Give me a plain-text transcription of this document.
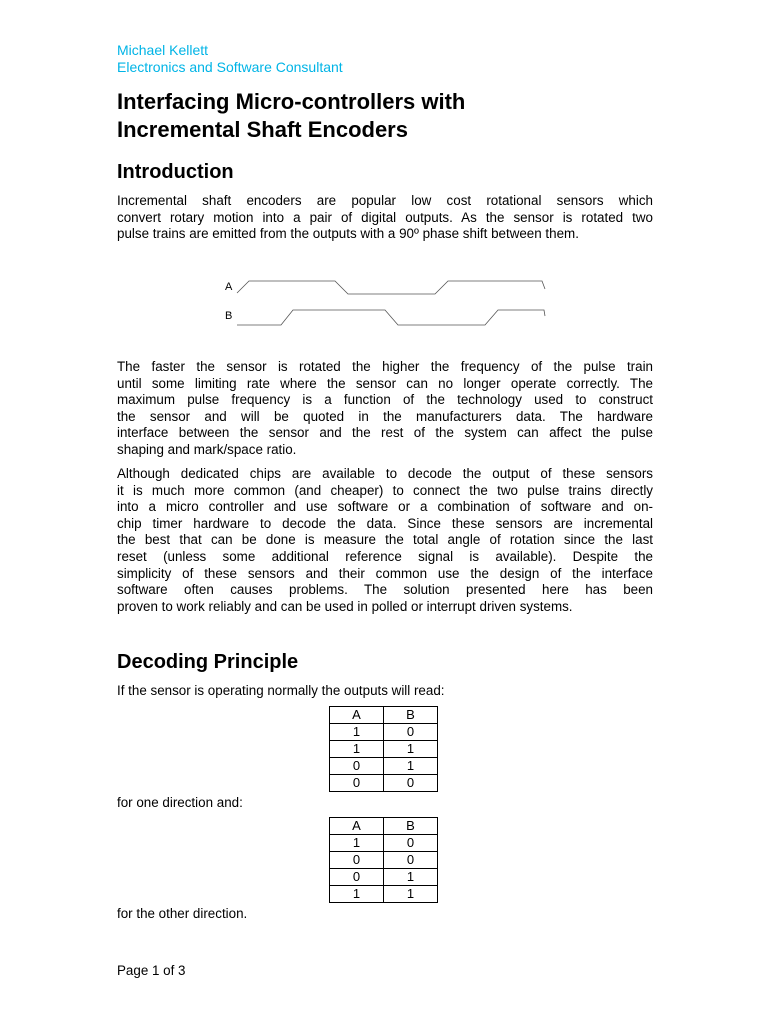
Michael Kellett
Electronics and Software Consultant
Interfacing Micro-controllers with
Incremental Shaft Encoders
Introduction
Incremental shaft encoders are popular low cost rotational sensors which
convert rotary motion into a pair of digital outputs. As the sensor is rotated two
pulse trains are emitted from the outputs with a 90º phase shift between them.
A
B
The faster the sensor is rotated the higher the frequency of the pulse train
until some limiting rate where the sensor can no longer operate correctly. The
maximum pulse frequency is a function of the technology used to construct
the sensor and will be quoted in the manufacturers data. The hardware
interface between the sensor and the rest of the system can affect the pulse
shaping and mark/space ratio.
Although dedicated chips are available to decode the output of these sensors
it is much more common (and cheaper) to connect the two pulse trains directly
into a micro controller and use software or a combination of software and on-
chip timer hardware to decode the data. Since these sensors are incremental
the best that can be done is measure the total angle of rotation since the last
reset (unless some additional reference signal is available). Despite the
simplicity of these sensors and their common use the design of the interface
software often causes problems. The solution presented here has been
proven to work reliably and can be used in polled or interrupt driven systems.
Decoding Principle
If the sensor is operating normally the outputs will read:
A	B
1	0
1	1
0	1
0	0
for one direction and:
A	B
1	0
0	0
0	1
1	1
for the other direction.
Page 1 of 3
